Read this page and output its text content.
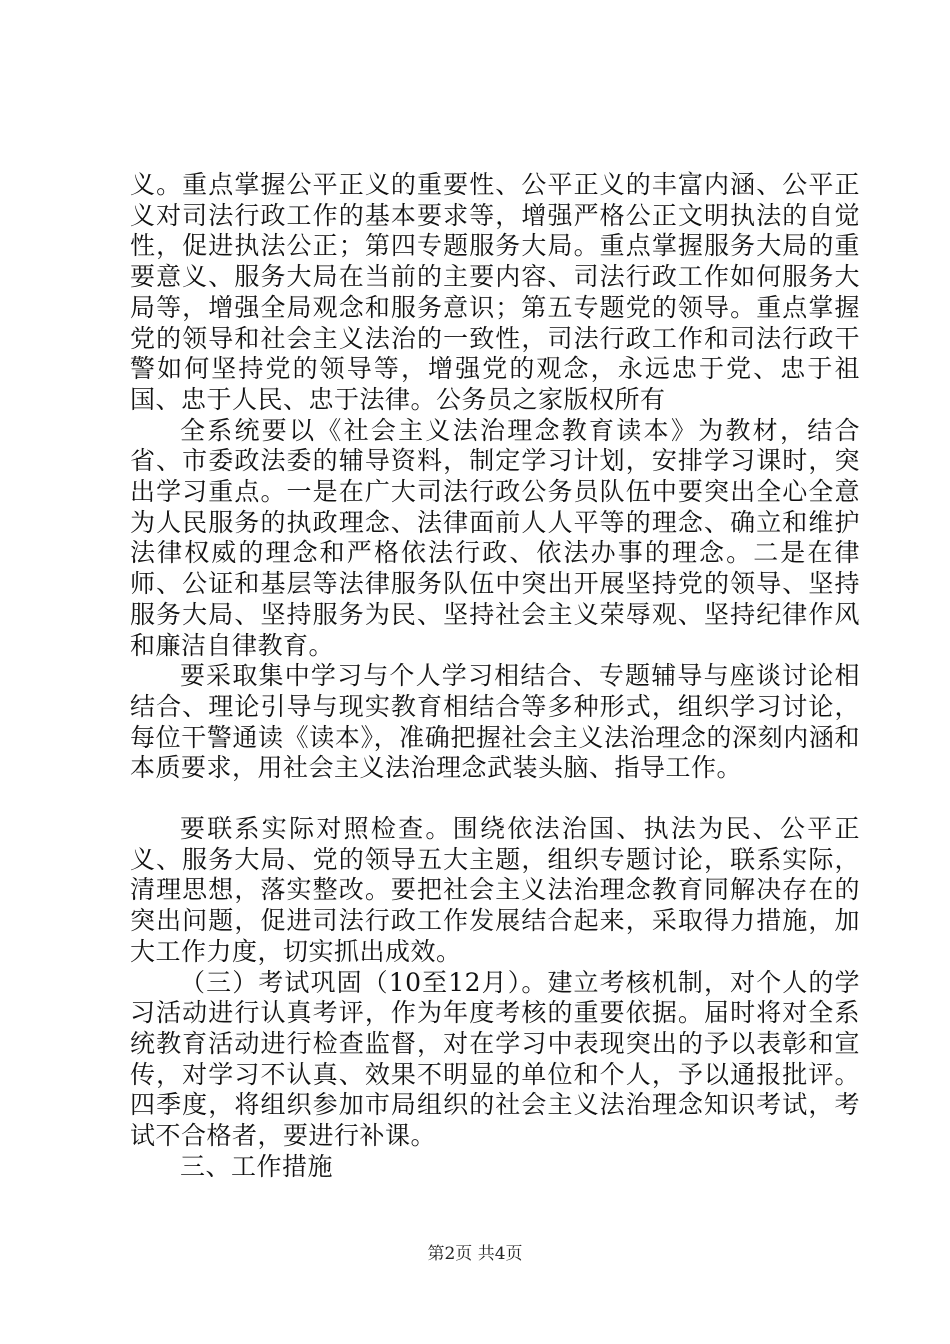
义。重点掌握公平正义的重要性、公平正义的丰富内涵、公平正义对司法行政工作的基本要求等，增强严格公正文明执法的自觉性，促进执法公正；第四专题服务大局。重点掌握服务大局的重要意义、服务大局在当前的主要内容、司法行政工作如何服务大局等，增强全局观念和服务意识；第五专题党的领导。重点掌握党的领导和社会主义法治的一致性，司法行政工作和司法行政干警如何坚持党的领导等，增强党的观念，永远忠于党、忠于祖国、忠于人民、忠于法律。公务员之家版权所有

全系统要以《社会主义法治理念教育读本》为教材，结合省、市委政法委的辅导资料，制定学习计划，安排学习课时，突出学习重点。一是在广大司法行政公务员队伍中要突出全心全意为人民服务的执政理念、法律面前人人平等的理念、确立和维护法律权威的理念和严格依法行政、依法办事的理念。二是在律师、公证和基层等法律服务队伍中突出开展坚持党的领导、坚持服务大局、坚持服务为民、坚持社会主义荣辱观、坚持纪律作风和廉洁自律教育。

要采取集中学习与个人学习相结合、专题辅导与座谈讨论相结合、理论引导与现实教育相结合等多种形式，组织学习讨论，每位干警通读《读本》，准确把握社会主义法治理念的深刻内涵和本质要求，用社会主义法治理念武装头脑、指导工作。

要联系实际对照检查。围绕依法治国、执法为民、公平正义、服务大局、党的领导五大主题，组织专题讨论，联系实际，清理思想，落实整改。要把社会主义法治理念教育同解决存在的突出问题，促进司法行政工作发展结合起来，采取得力措施，加大工作力度，切实抓出成效。

（三）考试巩固（10至12月）。建立考核机制，对个人的学习活动进行认真考评，作为年度考核的重要依据。届时将对全系统教育活动进行检查监督，对在学习中表现突出的予以表彰和宣传，对学习不认真、效果不明显的单位和个人，予以通报批评。四季度，将组织参加市局组织的社会主义法治理念知识考试，考试不合格者，要进行补课。

三、工作措施

第2页 共4页
